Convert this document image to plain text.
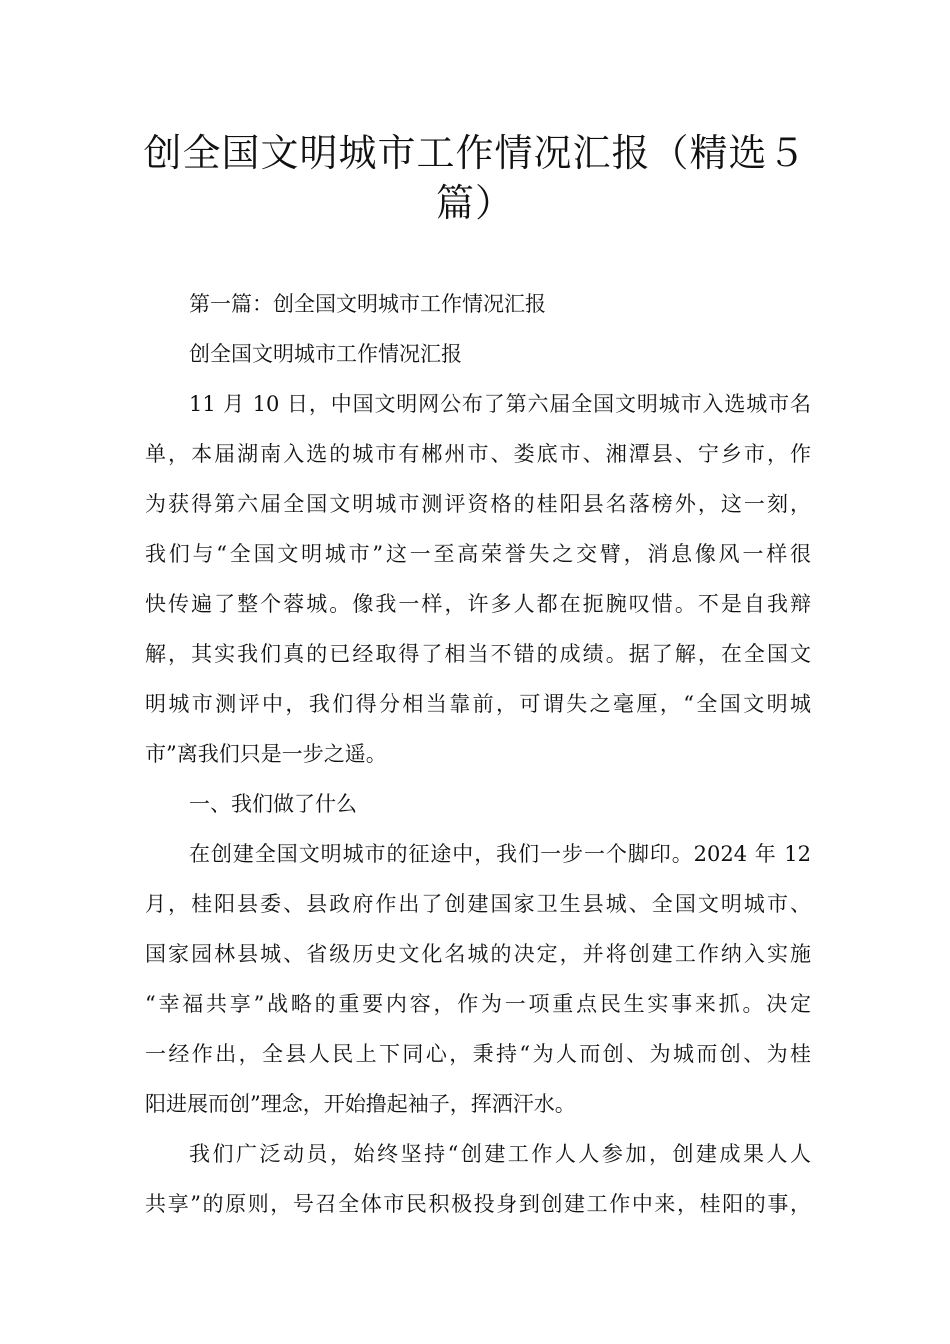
创全国文明城市工作情况汇报（精选５
篇）
第一篇：创全国文明城市工作情况汇报
创全国文明城市工作情况汇报
11 月 10 日，中国文明网公布了第六届全国文明城市入选城市名
单，本届湖南入选的城市有郴州市、娄底市、湘潭县、宁乡市，作
为获得第六届全国文明城市测评资格的桂阳县名落榜外，这一刻，
我们与“全国文明城市”这一至高荣誉失之交臂，消息像风一样很
快传遍了整个蓉城。像我一样，许多人都在扼腕叹惜。不是自我辩
解，其实我们真的已经取得了相当不错的成绩。据了解，在全国文
明城市测评中，我们得分相当靠前，可谓失之毫厘，“全国文明城
市”离我们只是一步之遥。
一、我们做了什么
在创建全国文明城市的征途中，我们一步一个脚印。2024 年 12
月，桂阳县委、县政府作出了创建国家卫生县城、全国文明城市、
国家园林县城、省级历史文化名城的决定，并将创建工作纳入实施
“幸福共享”战略的重要内容，作为一项重点民生实事来抓。决定
一经作出，全县人民上下同心，秉持“为人而创、为城而创、为桂
阳进展而创”理念，开始撸起袖子，挥洒汗水。
我们广泛动员，始终坚持“创建工作人人参加，创建成果人人
共享”的原则，号召全体市民积极投身到创建工作中来，桂阳的事，
